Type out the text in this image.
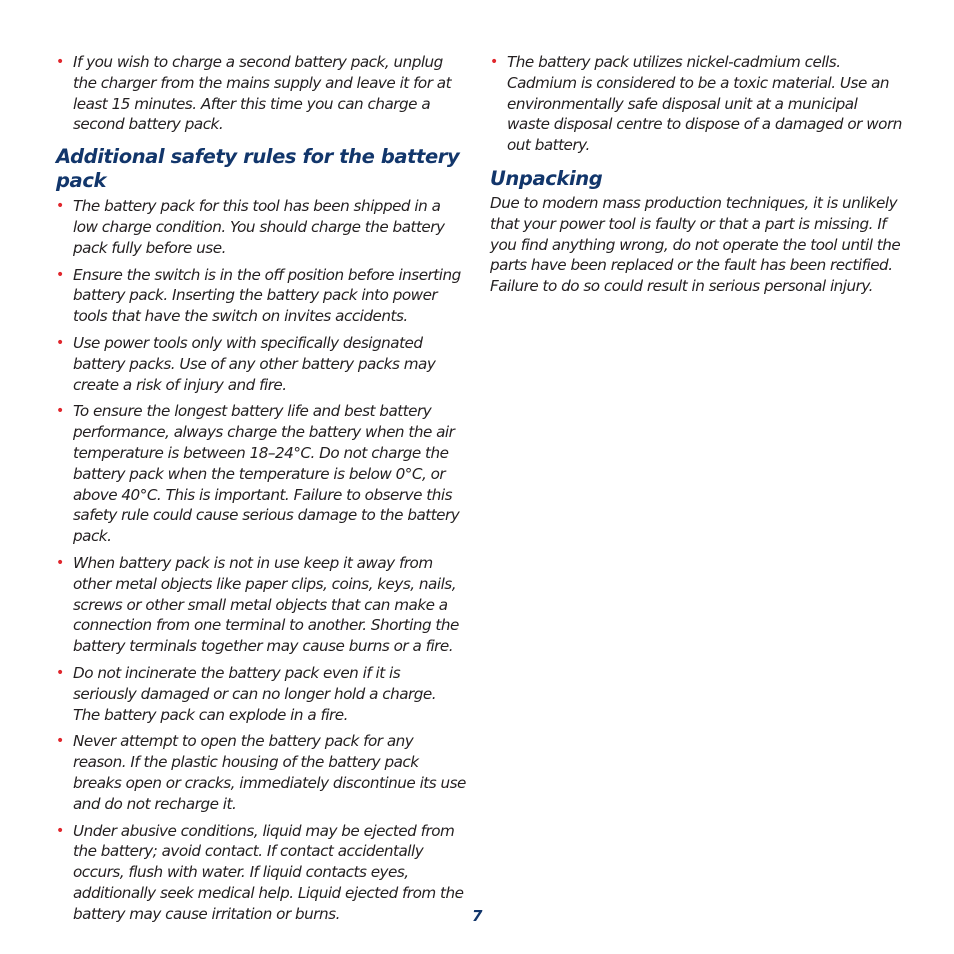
• If you wish to charge a second battery pack, unplug the charger from the mains supply and leave it for at least 15 minutes. After this time you can charge a second battery pack.
Additional safety rules for the battery pack
• The battery pack for this tool has been shipped in a low charge condition. You should charge the battery pack fully before use.
• Ensure the switch is in the off position before inserting battery pack. Inserting the battery pack into power tools that have the switch on invites accidents.
• Use power tools only with specifically designated battery packs. Use of any other battery packs may create a risk of injury and fire.
• To ensure the longest battery life and best battery performance, always charge the battery when the air temperature is between 18–24°C. Do not charge the battery pack when the temperature is below 0°C, or above 40°C. This is important. Failure to observe this safety rule could cause serious damage to the battery pack.
• When battery pack is not in use keep it away from other metal objects like paper clips, coins, keys, nails, screws or other small metal objects that can make a connection from one terminal to another. Shorting the battery terminals together may cause burns or a fire.
• Do not incinerate the battery pack even if it is seriously damaged or can no longer hold a charge. The battery pack can explode in a fire.
• Never attempt to open the battery pack for any reason. If the plastic housing of the battery pack breaks open or cracks, immediately discontinue its use and do not recharge it.
• Under abusive conditions, liquid may be ejected from the battery; avoid contact. If contact accidentally occurs, flush with water. If liquid contacts eyes, additionally seek medical help. Liquid ejected from the battery may cause irritation or burns.
• The battery pack utilizes nickel-cadmium cells. Cadmium is considered to be a toxic material. Use an environmentally safe disposal unit at a municipal waste disposal centre to dispose of a damaged or worn out battery.
Unpacking

Due to modern mass production techniques, it is unlikely that your power tool is faulty or that a part is missing. If you find anything wrong, do not operate the tool until the parts have been replaced or the fault has been rectified. Failure to do so could result in serious personal injury.

7
